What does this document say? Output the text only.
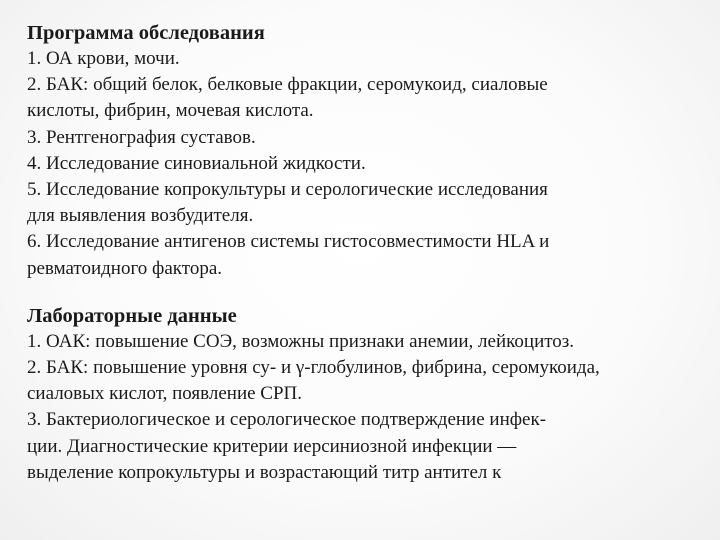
Программа обследования
1. ОА крови, мочи.
2. БАК: общий белок, белковые фракции, серомукоид, сиаловые
кислоты, фибрин, мочевая кислота.
3. Рентгенография суставов.
4. Исследование синовиальной жидкости.
5. Исследование копрокультуры и серологические исследования
для выявления возбудителя.
6. Исследование антигенов системы гистосовместимости HLA и
ревматоидного фактора.
Лабораторные данные
1. ОАК: повышение СОЭ, возможны признаки анемии, лейкоцитоз.
2. БАК: повышение уровня су- и γ-глобулинов, фибрина, серомукоида,
сиаловых кислот, появление СРП.
3. Бактериологическое и серологическое подтверждение инфек-
ции. Диагностические критерии иерсиниозной инфекции —
выделение копрокультуры и возрастающий титр антител к
